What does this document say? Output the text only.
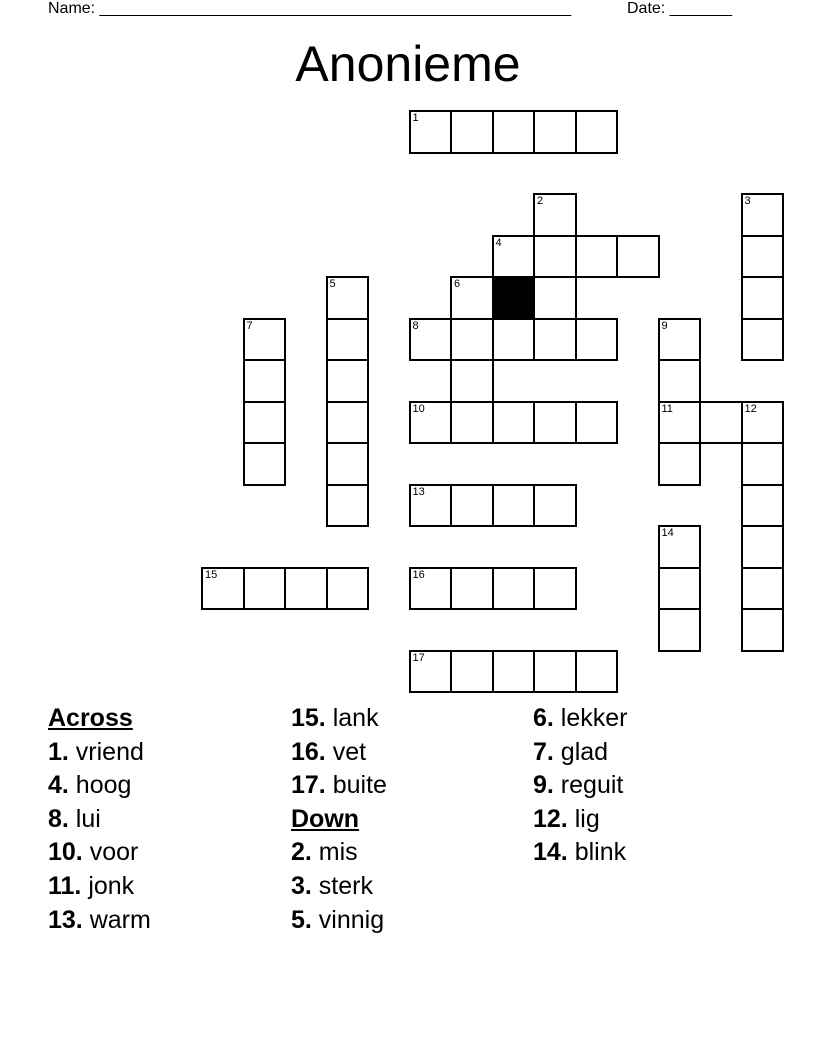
Name: _____________________________________________________	Date: _______
Anonieme
1
2	3
4
5	6
7	8	9
10	11	12
13
14
15	16
17
Across
1. vriend
4. hoog
8. lui
10. voor
11. jonk
13. warm
15. lank
16. vet
17. buite
Down
2. mis
3. sterk
5. vinnig
6. lekker
7. glad
9. reguit
12. lig
14. blink
